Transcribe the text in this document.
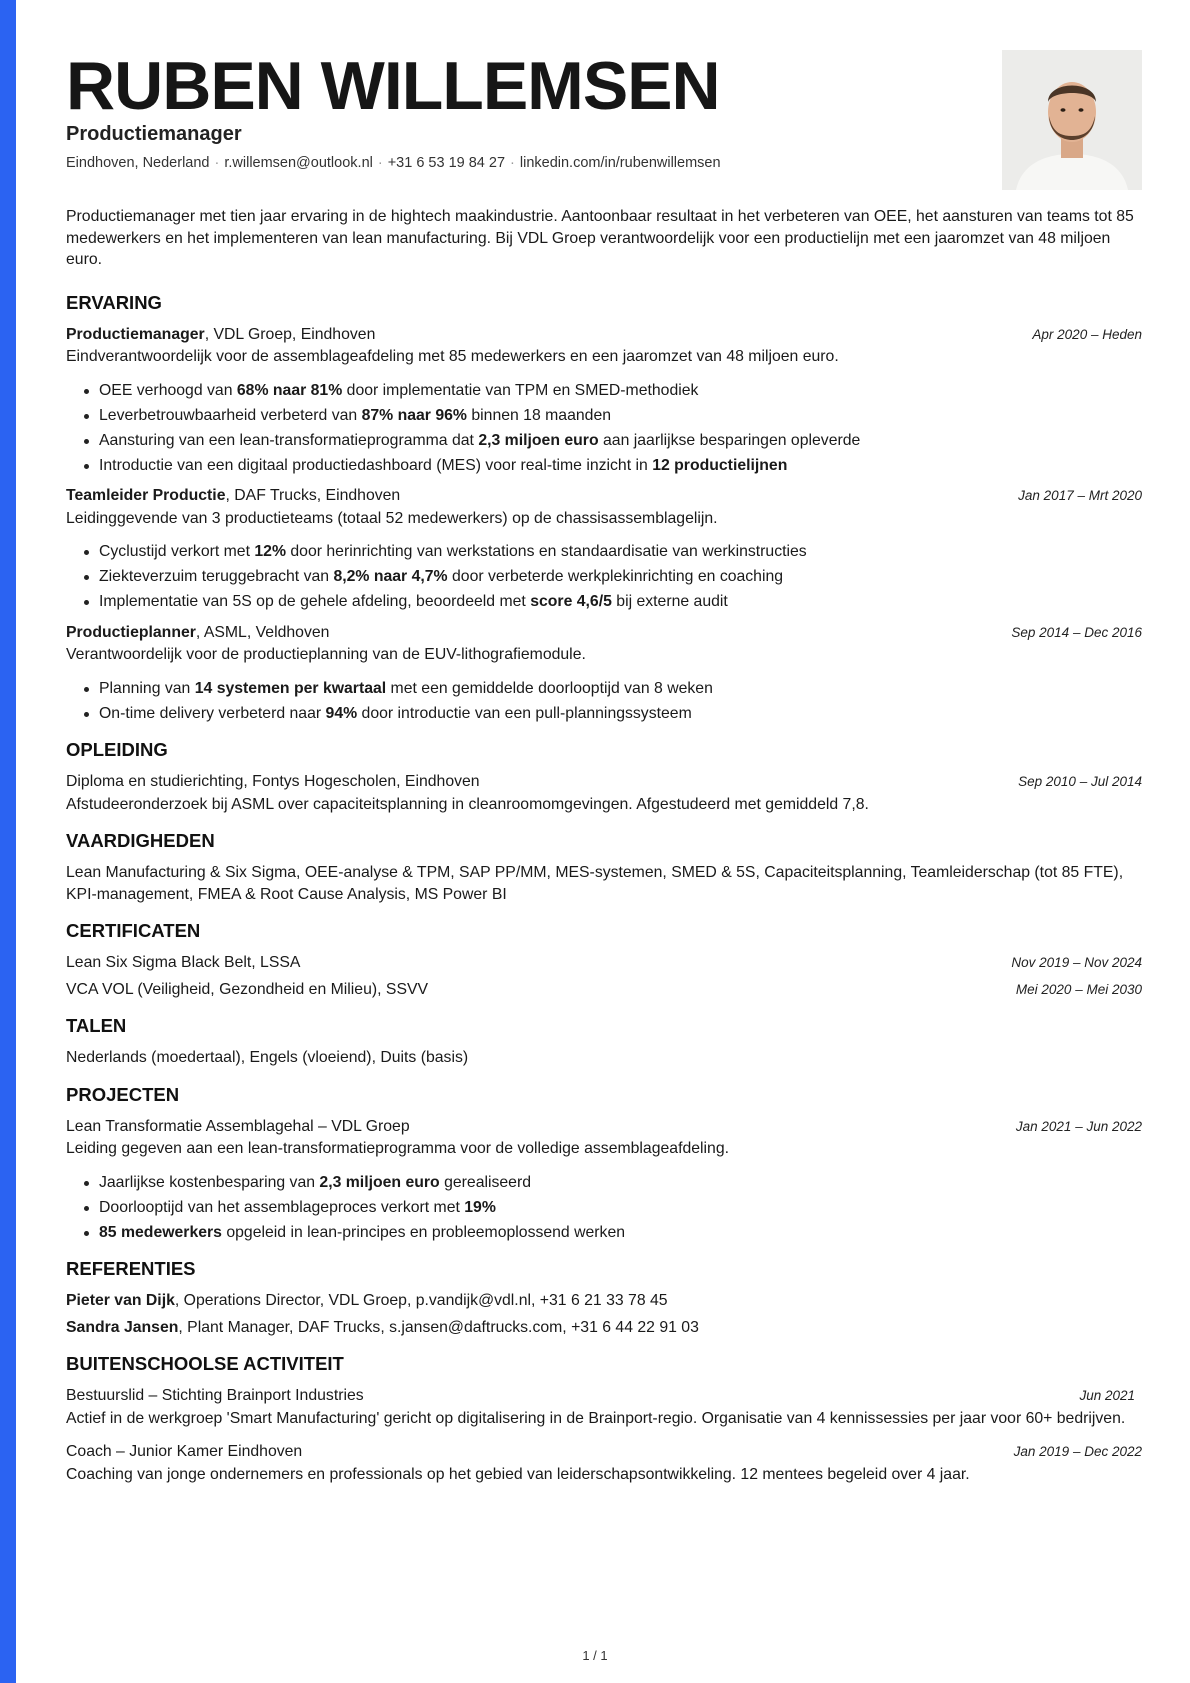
RUBEN WILLEMSEN
Productiemanager
Eindhoven, Nederland · r.willemsen@outlook.nl · +31 6 53 19 84 27 · linkedin.com/in/rubenwillemsen

Productiemanager met tien jaar ervaring in de hightech maakindustrie. Aantoonbaar resultaat in het verbeteren van OEE, het aansturen van teams tot 85 medewerkers en het implementeren van lean manufacturing. Bij VDL Groep verantwoordelijk voor een productielijn met een jaaromzet van 48 miljoen euro.

ERVARING
Productiemanager, VDL Groep, Eindhoven	Apr 2020 – Heden

Eindverantwoordelijk voor de assemblageafdeling met 85 medewerkers en een jaaromzet van 48 miljoen euro.

OEE verhoogd van 68% naar 81% door implementatie van TPM en SMED-methodiek
Leverbetrouwbaarheid verbeterd van 87% naar 96% binnen 18 maanden
Aansturing van een lean-transformatieprogramma dat 2,3 miljoen euro aan jaarlijkse besparingen opleverde
Introductie van een digitaal productiedashboard (MES) voor real-time inzicht in 12 productielijnen
Teamleider Productie, DAF Trucks, Eindhoven	Jan 2017 – Mrt 2020

Leidinggevende van 3 productieteams (totaal 52 medewerkers) op de chassisassemblagelijn.

Cyclustijd verkort met 12% door herinrichting van werkstations en standaardisatie van werkinstructies
Ziekteverzuim teruggebracht van 8,2% naar 4,7% door verbeterde werkplekinrichting en coaching
Implementatie van 5S op de gehele afdeling, beoordeeld met score 4,6/5 bij externe audit
Productieplanner, ASML, Veldhoven	Sep 2014 – Dec 2016

Verantwoordelijk voor de productieplanning van de EUV-lithografiemodule.

Planning van 14 systemen per kwartaal met een gemiddelde doorlooptijd van 8 weken
On-time delivery verbeterd naar 94% door introductie van een pull-planningssysteem
OPLEIDING
Diploma en studierichting, Fontys Hogescholen, Eindhoven	Sep 2010 – Jul 2014

Afstudeeronderzoek bij ASML over capaciteitsplanning in cleanroomomgevingen. Afgestudeerd met gemiddeld 7,8.

VAARDIGHEDEN

Lean Manufacturing & Six Sigma, OEE-analyse & TPM, SAP PP/MM, MES-systemen, SMED & 5S, Capaciteitsplanning, Teamleiderschap (tot 85 FTE), KPI-management, FMEA & Root Cause Analysis, MS Power BI

CERTIFICATEN
Lean Six Sigma Black Belt, LSSA	Nov 2019 – Nov 2024
VCA VOL (Veiligheid, Gezondheid en Milieu), SSVV	Mei 2020 – Mei 2030
TALEN

Nederlands (moedertaal), Engels (vloeiend), Duits (basis)

PROJECTEN
Lean Transformatie Assemblagehal – VDL Groep	Jan 2021 – Jun 2022

Leiding gegeven aan een lean-transformatieprogramma voor de volledige assemblageafdeling.

Jaarlijkse kostenbesparing van 2,3 miljoen euro gerealiseerd
Doorlooptijd van het assemblageproces verkort met 19%
85 medewerkers opgeleid in lean-principes en probleemoplossend werken
REFERENTIES
Pieter van Dijk, Operations Director, VDL Groep, p.vandijk@vdl.nl, +31 6 21 33 78 45
Sandra Jansen, Plant Manager, DAF Trucks, s.jansen@daftrucks.com, +31 6 44 22 91 03
BUITENSCHOOLSE ACTIVITEIT
Bestuurslid – Stichting Brainport Industries	Jun 2021

Actief in de werkgroep 'Smart Manufacturing' gericht op digitalisering in de Brainport-regio. Organisatie van 4 kennissessies per jaar voor 60+ bedrijven.

Coach – Junior Kamer Eindhoven	Jan 2019 – Dec 2022

Coaching van jonge ondernemers en professionals op het gebied van leiderschapsontwikkeling. 12 mentees begeleid over 4 jaar.

1 / 1
